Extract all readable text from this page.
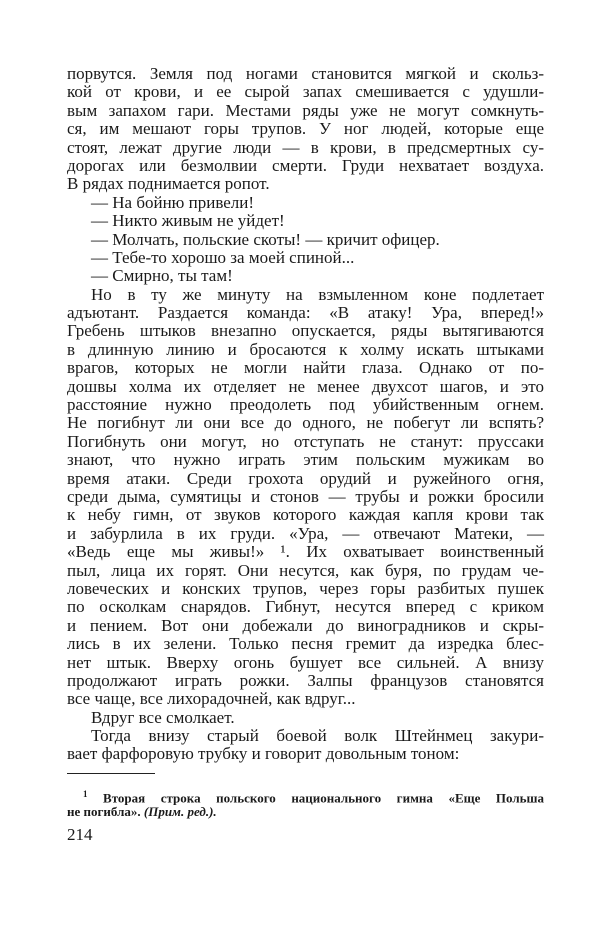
порвутся. Земля под ногами становится мягкой и скольз-
кой от крови, и ее сырой запах смешивается с удушли-
вым запахом гари. Местами ряды уже не могут сомкнуть-
ся, им мешают горы трупов. У ног людей, которые еще
стоят, лежат другие люди — в крови, в предсмертных су-
дорогах или безмолвии смерти. Груди нехватает воздуха.
В рядах поднимается ропот.
— На бойню привели!
— Никто живым не уйдет!
— Молчать, польские скоты! — кричит офицер.
— Тебе-то хорошо за моей спиной...
— Смирно, ты там!
Но в ту же минуту на взмыленном коне подлетает
адъютант. Раздается команда: «В атаку! Ура, вперед!»
Гребень штыков внезапно опускается, ряды вытягиваются
в длинную линию и бросаются к холму искать штыками
врагов, которых не могли найти глаза. Однако от по-
дошвы холма их отделяет не менее двухсот шагов, и это
расстояние нужно преодолеть под убийственным огнем.
Не погибнут ли они все до одного, не побегут ли вспять?
Погибнуть они могут, но отступать не станут: пруссаки
знают, что нужно играть этим польским мужикам во
время атаки. Среди грохота орудий и ружейного огня,
среди дыма, сумятицы и стонов — трубы и рожки бросили
к небу гимн, от звуков которого каждая капля крови так
и забурлила в их груди. «Ура, — отвечают Матеки, —
«Ведь еще мы живы!» ¹. Их охватывает воинственный
пыл, лица их горят. Они несутся, как буря, по грудам че-
ловеческих и конских трупов, через горы разбитых пушек
по осколкам снарядов. Гибнут, несутся вперед с криком
и пением. Вот они добежали до виноградников и скры-
лись в их зелени. Только песня гремит да изредка блес-
нет штык. Вверху огонь бушует все сильней. А внизу
продолжают играть рожки. Залпы французов становятся
все чаще, все лихорадочней, как вдруг...
Вдруг все смолкает.
Тогда внизу старый боевой волк Штейнмец закури-
вает фарфоровую трубку и говорит довольным тоном:
$^1$ Вторая строка польского национального гимна «Еще Польша
не погибла». (Прим. ред.).
214
